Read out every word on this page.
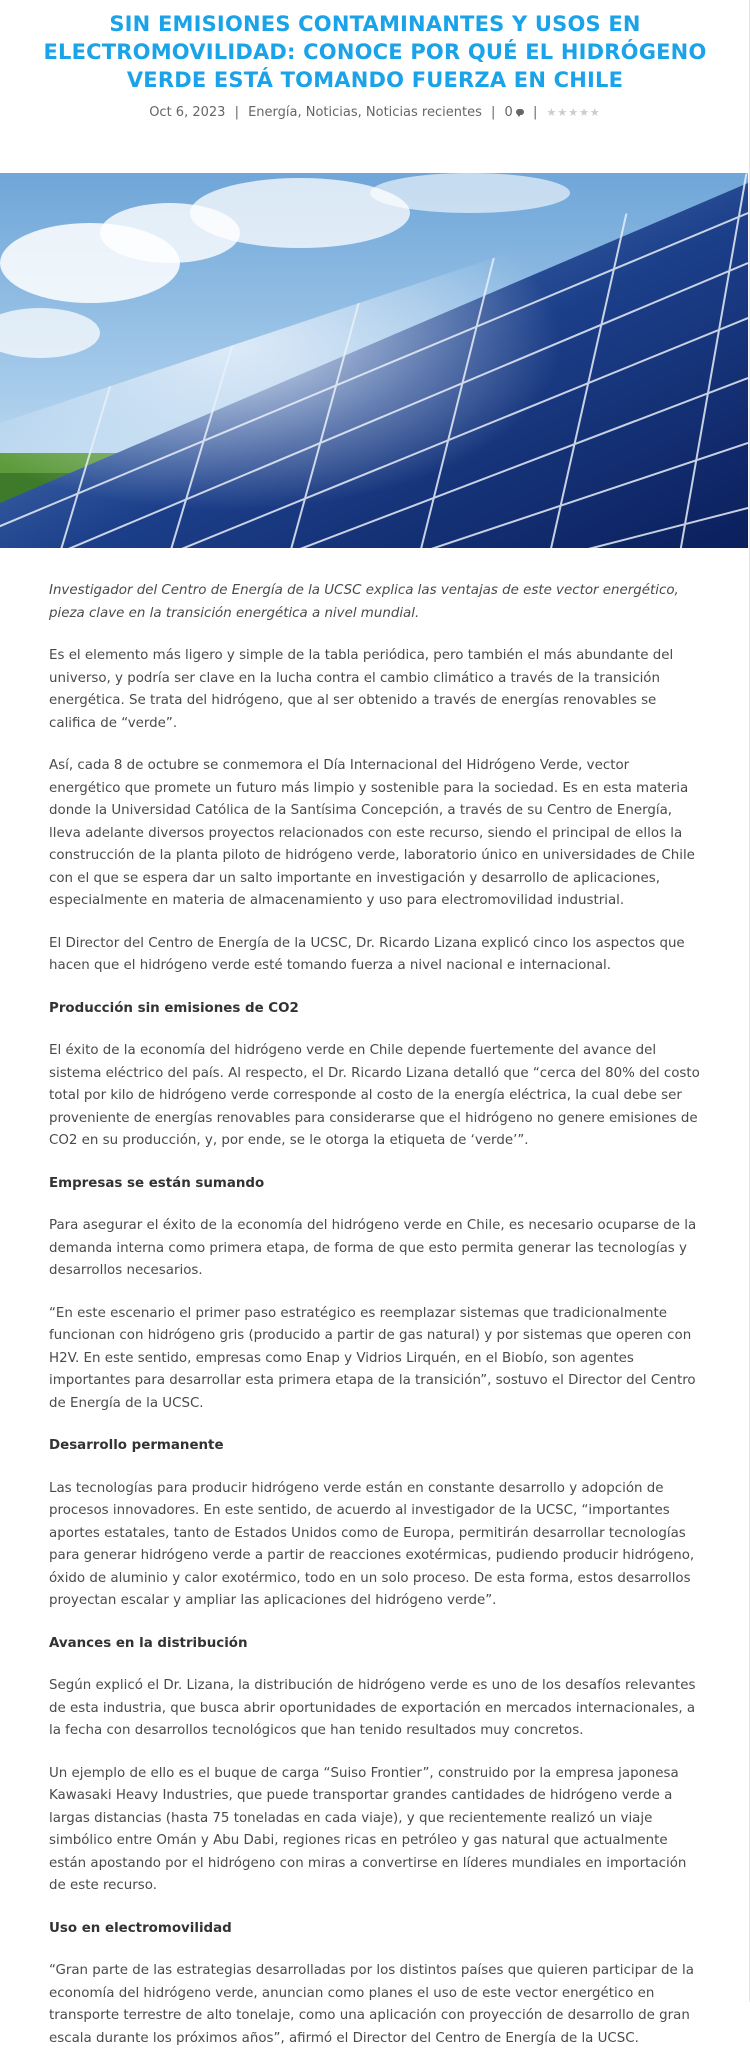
SIN EMISIONES CONTAMINANTES Y USOS EN ELECTROMOVILIDAD: CONOCE POR QUÉ EL HIDRÓGENO VERDE ESTÁ TOMANDO FUERZA EN CHILE
Oct 6, 2023 | Energía, Noticias, Noticias recientes | 0 | ★★★★★

Investigador del Centro de Energía de la UCSC explica las ventajas de este vector energético, pieza clave en la transición energética a nivel mundial.

Es el elemento más ligero y simple de la tabla periódica, pero también el más abundante del universo, y podría ser clave en la lucha contra el cambio climático a través de la transición energética. Se trata del hidrógeno, que al ser obtenido a través de energías renovables se califica de “verde”.

Así, cada 8 de octubre se conmemora el Día Internacional del Hidrógeno Verde, vector energético que promete un futuro más limpio y sostenible para la sociedad. Es en esta materia donde la Universidad Católica de la Santísima Concepción, a través de su Centro de Energía, lleva adelante diversos proyectos relacionados con este recurso, siendo el principal de ellos la construcción de la planta piloto de hidrógeno verde, laboratorio único en universidades de Chile con el que se espera dar un salto importante en investigación y desarrollo de aplicaciones, especialmente en materia de almacenamiento y uso para electromovilidad industrial.

El Director del Centro de Energía de la UCSC, Dr. Ricardo Lizana explicó cinco los aspectos que hacen que el hidrógeno verde esté tomando fuerza a nivel nacional e internacional.

Producción sin emisiones de CO2

El éxito de la economía del hidrógeno verde en Chile depende fuertemente del avance del sistema eléctrico del país. Al respecto, el Dr. Ricardo Lizana detalló que “cerca del 80% del costo total por kilo de hidrógeno verde corresponde al costo de la energía eléctrica, la cual debe ser proveniente de energías renovables para considerarse que el hidrógeno no genere emisiones de CO2 en su producción, y, por ende, se le otorga la etiqueta de ‘verde’”.

Empresas se están sumando

Para asegurar el éxito de la economía del hidrógeno verde en Chile, es necesario ocuparse de la demanda interna como primera etapa, de forma de que esto permita generar las tecnologías y desarrollos necesarios.

“En este escenario el primer paso estratégico es reemplazar sistemas que tradicionalmente funcionan con hidrógeno gris (producido a partir de gas natural) y por sistemas que operen con H2V. En este sentido, empresas como Enap y Vidrios Lirquén, en el Biobío, son agentes importantes para desarrollar esta primera etapa de la transición”, sostuvo el Director del Centro de Energía de la UCSC.

Desarrollo permanente

Las tecnologías para producir hidrógeno verde están en constante desarrollo y adopción de procesos innovadores. En este sentido, de acuerdo al investigador de la UCSC, “importantes aportes estatales, tanto de Estados Unidos como de Europa, permitirán desarrollar tecnologías para generar hidrógeno verde a partir de reacciones exotérmicas, pudiendo producir hidrógeno, óxido de aluminio y calor exotérmico, todo en un solo proceso. De esta forma, estos desarrollos proyectan escalar y ampliar las aplicaciones del hidrógeno verde”.

Avances en la distribución

Según explicó el Dr. Lizana, la distribución de hidrógeno verde es uno de los desafíos relevantes de esta industria, que busca abrir oportunidades de exportación en mercados internacionales, a la fecha con desarrollos tecnológicos que han tenido resultados muy concretos.

Un ejemplo de ello es el buque de carga “Suiso Frontier”, construido por la empresa japonesa Kawasaki Heavy Industries, que puede transportar grandes cantidades de hidrógeno verde a largas distancias (hasta 75 toneladas en cada viaje), y que recientemente realizó un viaje simbólico entre Omán y Abu Dabi, regiones ricas en petróleo y gas natural que actualmente están apostando por el hidrógeno con miras a convertirse en líderes mundiales en importación de este recurso.

Uso en electromovilidad

“Gran parte de las estrategias desarrolladas por los distintos países que quieren participar de la economía del hidrógeno verde, anuncian como planes el uso de este vector energético en transporte terrestre de alto tonelaje, como una aplicación con proyección de desarrollo de gran escala durante los próximos años”, afirmó el Director del Centro de Energía de la UCSC.
